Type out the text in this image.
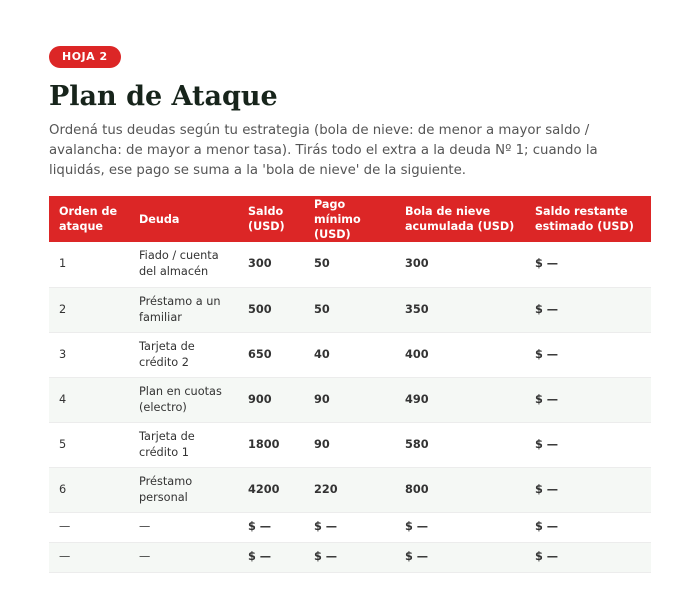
HOJA 2
Plan de Ataque

Ordená tus deudas según tu estrategia (bola de nieve: de menor a mayor saldo / avalancha: de mayor a menor tasa). Tirás todo el extra a la deuda Nº 1; cuando la liquidás, ese pago se suma a la 'bola de nieve' de la siguiente.

Orden de ataque	Deuda	Saldo (USD)	Pago mínimo (USD)	Bola de nieve acumulada (USD)	Saldo restante estimado (USD)
1	Fiado / cuenta del almacén	300	50	300	$ —
2	Préstamo a un familiar	500	50	350	$ —
3	Tarjeta de crédito 2	650	40	400	$ —
4	Plan en cuotas (electro)	900	90	490	$ —
5	Tarjeta de crédito 1	1800	90	580	$ —
6	Préstamo personal	4200	220	800	$ —
—	—	$ —	$ —	$ —	$ —
—	—	$ —	$ —	$ —	$ —
